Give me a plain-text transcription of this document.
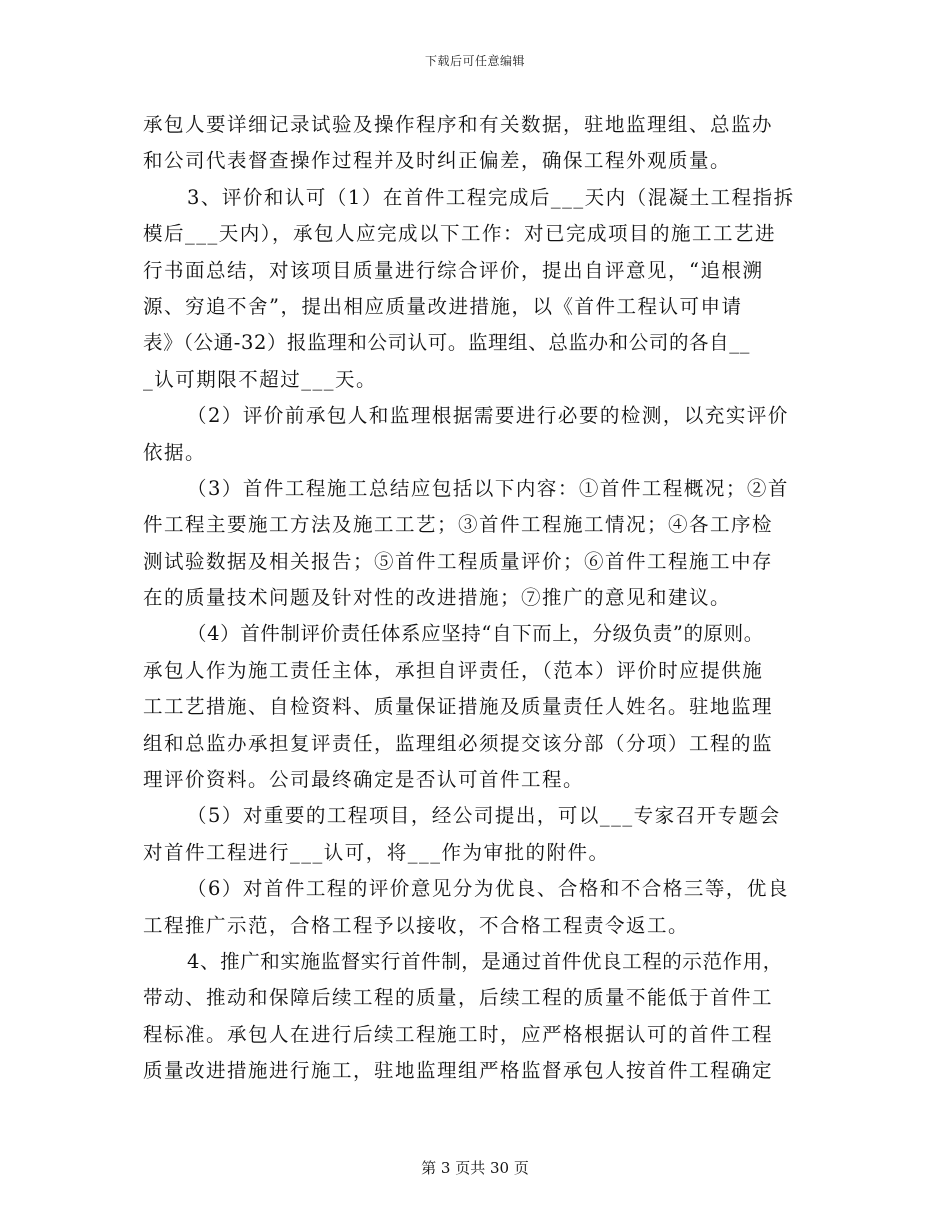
下载后可任意编辑
承包人要详细记录试验及操作程序和有关数据，驻地监理组、总监办
和公司代表督查操作过程并及时纠正偏差，确保工程外观质量。
3、评价和认可（1）在首件工程完成后___天内（混凝土工程指拆
模后___天内），承包人应完成以下工作：对已完成项目的施工工艺进
行书面总结，对该项目质量进行综合评价，提出自评意见，“追根溯
源、穷追不舍”，提出相应质量改进措施，以《首件工程认可申请
表》（公通-32）报监理和公司认可。监理组、总监办和公司的各自__
_认可期限不超过___天。
（2）评价前承包人和监理根据需要进行必要的检测，以充实评价
依据。
（3）首件工程施工总结应包括以下内容：①首件工程概况；②首
件工程主要施工方法及施工工艺；③首件工程施工情况；④各工序检
测试验数据及相关报告；⑤首件工程质量评价；⑥首件工程施工中存
在的质量技术问题及针对性的改进措施；⑦推广的意见和建议。
（4）首件制评价责任体系应坚持“自下而上，分级负责”的原则。
承包人作为施工责任主体，承担自评责任，（范本）评价时应提供施
工工艺措施、自检资料、质量保证措施及质量责任人姓名。驻地监理
组和总监办承担复评责任，监理组必须提交该分部（分项）工程的监
理评价资料。公司最终确定是否认可首件工程。
（5）对重要的工程项目，经公司提出，可以___专家召开专题会
对首件工程进行___认可，将___作为审批的附件。
（6）对首件工程的评价意见分为优良、合格和不合格三等，优良
工程推广示范，合格工程予以接收，不合格工程责令返工。
4、推广和实施监督实行首件制，是通过首件优良工程的示范作用，
带动、推动和保障后续工程的质量，后续工程的质量不能低于首件工
程标准。承包人在进行后续工程施工时，应严格根据认可的首件工程
质量改进措施进行施工，驻地监理组严格监督承包人按首件工程确定
第 3 页共 30 页
